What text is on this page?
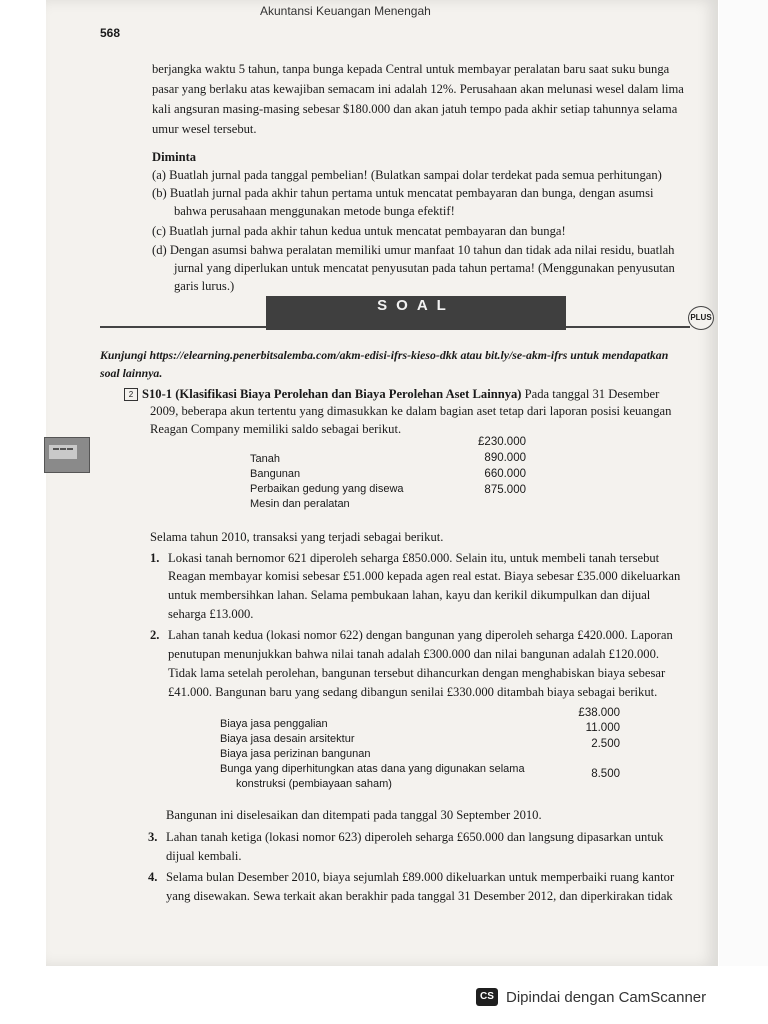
568
Akuntansi Keuangan Menengah
berjangka waktu 5 tahun, tanpa bunga kepada Central untuk membayar peralatan baru saat suku bunga
pasar yang berlaku atas kewajiban semacam ini adalah 12%. Perusahaan akan melunasi wesel dalam lima
kali angsuran masing-masing sebesar $180.000 dan akan jatuh tempo pada akhir setiap tahunnya selama
umur wesel tersebut.
Diminta
(a) Buatlah jurnal pada tanggal pembelian! (Bulatkan sampai dolar terdekat pada semua perhitungan)
(b) Buatlah jurnal pada akhir tahun pertama untuk mencatat pembayaran dan bunga, dengan asumsi
bahwa perusahaan menggunakan metode bunga efektif!
(c) Buatlah jurnal pada akhir tahun kedua untuk mencatat pembayaran dan bunga!
(d) Dengan asumsi bahwa peralatan memiliki umur manfaat 10 tahun dan tidak ada nilai residu, buatlah
jurnal yang diperlukan untuk mencatat penyusutan pada tahun pertama! (Menggunakan penyusutan
garis lurus.)
SOAL
PLUS
Kunjungi https://elearning.penerbitsalemba.com/akm-edisi-ifrs-kieso-dkk atau bit.ly/se-akm-ifrs untuk mendapatkan
soal lainnya.
2 S10-1 (Klasifikasi Biaya Perolehan dan Biaya Perolehan Aset Lainnya) Pada tanggal 31 Desember
2009, beberapa akun tertentu yang dimasukkan ke dalam bagian aset tetap dari laporan posisi keuangan
Reagan Company memiliki saldo sebagai berikut.
Tanah
£230.000
Bangunan
890.000
Perbaikan gedung yang disewa
660.000
Mesin dan peralatan
875.000
Selama tahun 2010, transaksi yang terjadi sebagai berikut.
1. Lokasi tanah bernomor 621 diperoleh seharga £850.000. Selain itu, untuk membeli tanah tersebut
Reagan membayar komisi sebesar £51.000 kepada agen real estat. Biaya sebesar £35.000 dikeluarkan
untuk membersihkan lahan. Selama pembukaan lahan, kayu dan kerikil dikumpulkan dan dijual
seharga £13.000.
2. Lahan tanah kedua (lokasi nomor 622) dengan bangunan yang diperoleh seharga £420.000. Laporan
penutupan menunjukkan bahwa nilai tanah adalah £300.000 dan nilai bangunan adalah £120.000.
Tidak lama setelah perolehan, bangunan tersebut dihancurkan dengan menghabiskan biaya sebesar
£41.000. Bangunan baru yang sedang dibangun senilai £330.000 ditambah biaya sebagai berikut.
Biaya jasa penggalian
£38.000
Biaya jasa desain arsitektur
11.000
Biaya jasa perizinan bangunan
2.500
Bunga yang diperhitungkan atas dana yang digunakan selama
konstruksi (pembiayaan saham)
8.500
Bangunan ini diselesaikan dan ditempati pada tanggal 30 September 2010.
3. Lahan tanah ketiga (lokasi nomor 623) diperoleh seharga £650.000 dan langsung dipasarkan untuk
dijual kembali.
4. Selama bulan Desember 2010, biaya sejumlah £89.000 dikeluarkan untuk memperbaiki ruang kantor
yang disewakan. Sewa terkait akan berakhir pada tanggal 31 Desember 2012, dan diperkirakan tidak
CS Dipindai dengan CamScanner
